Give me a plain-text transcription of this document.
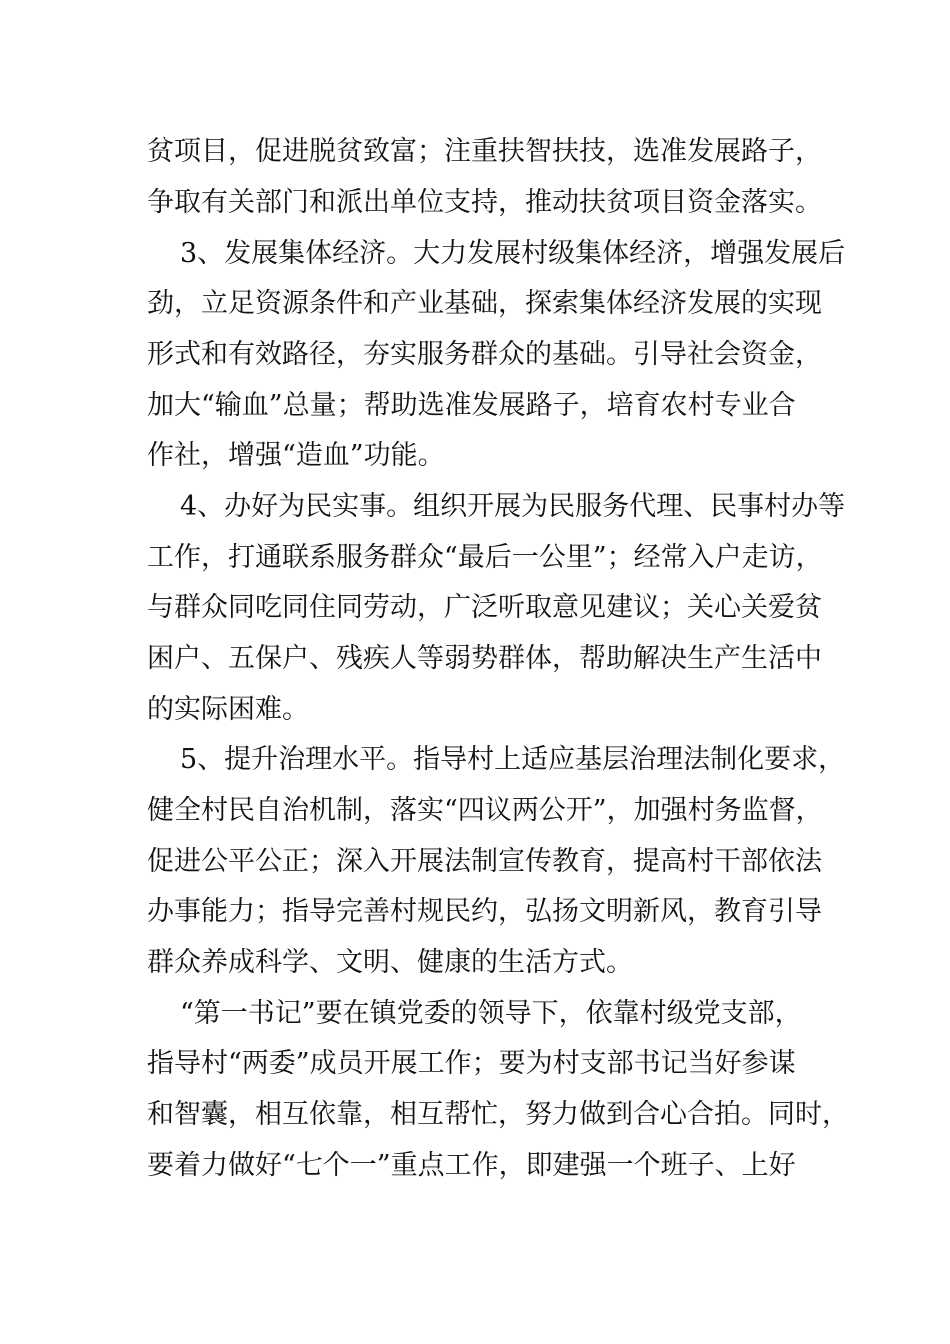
贫项目，促进脱贫致富；注重扶智扶技，选准发展路子，
争取有关部门和派出单位支持，推动扶贫项目资金落实。
3、发展集体经济。大力发展村级集体经济，增强发展后
劲，立足资源条件和产业基础，探索集体经济发展的实现
形式和有效路径，夯实服务群众的基础。引导社会资金，
加大“输血”总量；帮助选准发展路子，培育农村专业合
作社，增强“造血”功能。
4、办好为民实事。组织开展为民服务代理、民事村办等
工作，打通联系服务群众“最后一公里”；经常入户走访，
与群众同吃同住同劳动，广泛听取意见建议；关心关爱贫
困户、五保户、残疾人等弱势群体，帮助解决生产生活中
的实际困难。
5、提升治理水平。指导村上适应基层治理法制化要求，
健全村民自治机制，落实“四议两公开”，加强村务监督，
促进公平公正；深入开展法制宣传教育，提高村干部依法
办事能力；指导完善村规民约，弘扬文明新风，教育引导
群众养成科学、文明、健康的生活方式。
“第一书记”要在镇党委的领导下，依靠村级党支部，
指导村“两委”成员开展工作；要为村支部书记当好参谋
和智囊，相互依靠，相互帮忙，努力做到合心合拍。同时，
要着力做好“七个一”重点工作，即建强一个班子、上好
